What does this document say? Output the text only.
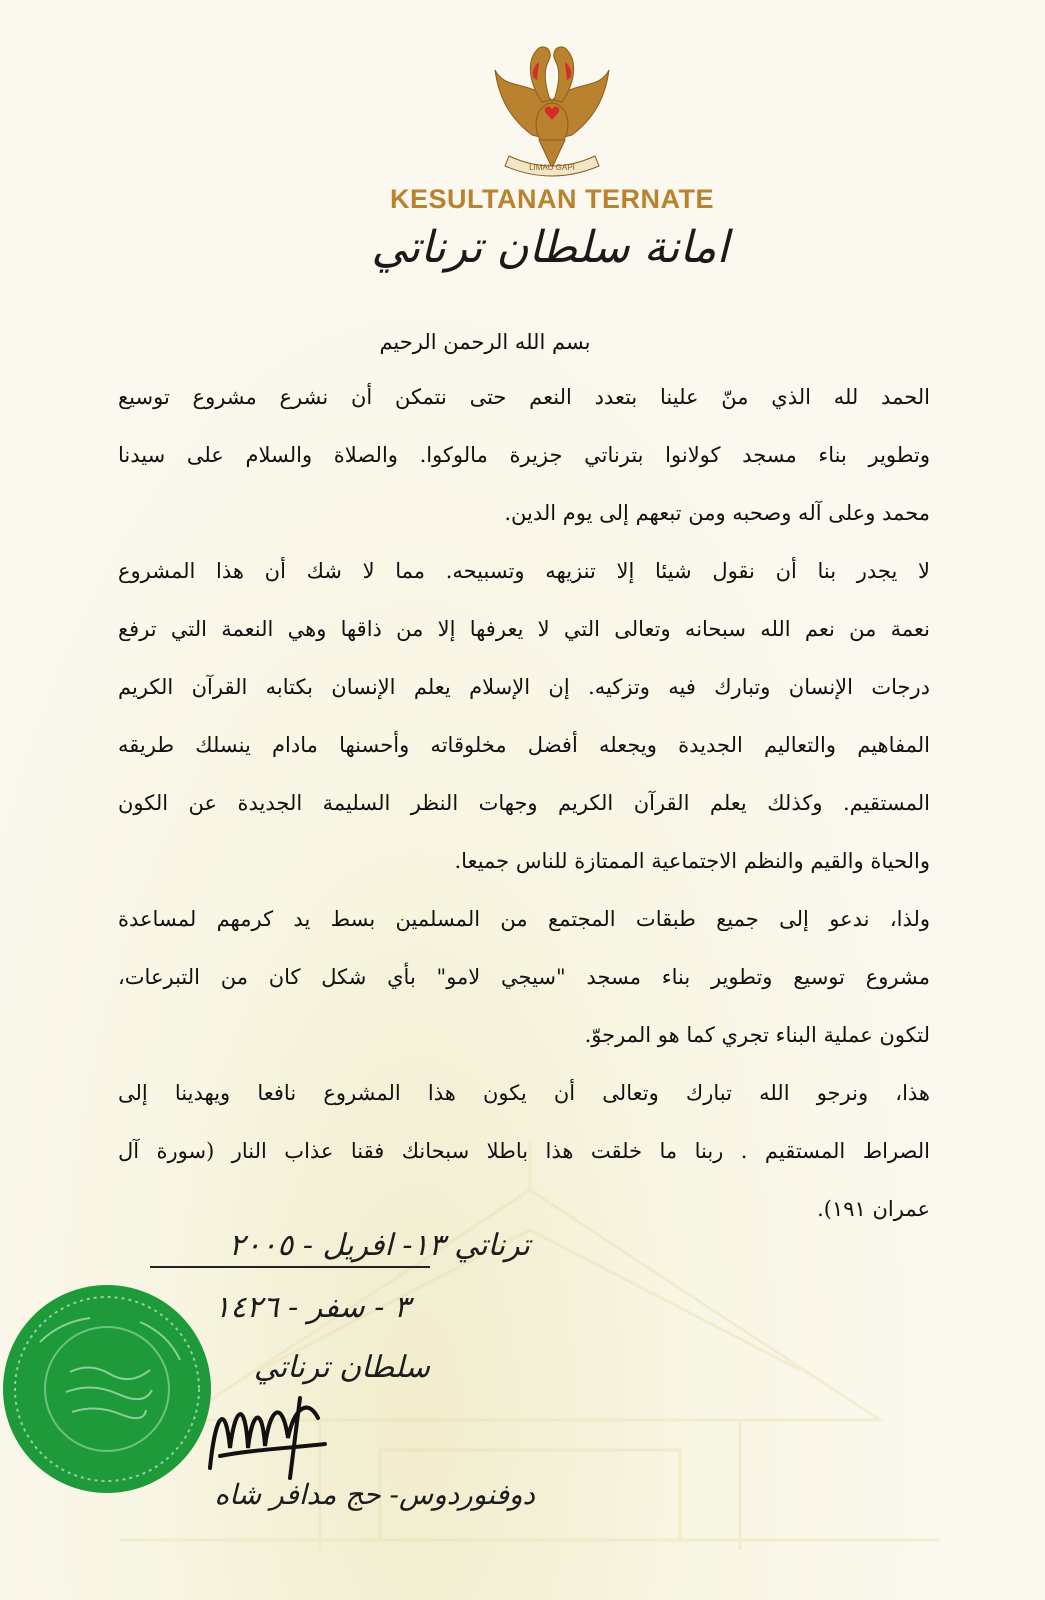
LIMAU GAPI
KESULTANAN TERNATE
امانة سلطان ترناتي
بسم الله الرحمن الرحيم
الحمد لله الذي منّ علينا بتعدد النعم حتى نتمكن أن نشرع مشروع توسيع
وتطوير بناء مسجد كولانوا بترناتي جزيرة مالوكوا. والصلاة والسلام على سيدنا
محمد وعلى آله وصحبه ومن تبعهم إلى يوم الدين.
لا يجدر بنا أن نقول شيئا إلا تنزيهه وتسبيحه. مما لا شك أن هذا المشروع
نعمة من نعم الله سبحانه وتعالى التي لا يعرفها إلا من ذاقها وهي النعمة التي ترفع
درجات الإنسان وتبارك فيه وتزكيه. إن الإسلام يعلم الإنسان بكتابه القرآن الكريم
المفاهيم والتعاليم الجديدة ويجعله أفضل مخلوقاته وأحسنها مادام ينسلك طريقه
المستقيم. وكذلك يعلم القرآن الكريم وجهات النظر السليمة الجديدة عن الكون
والحياة والقيم والنظم الاجتماعية الممتازة للناس جميعا.
ولذا، ندعو إلى جميع طبقات المجتمع من المسلمين بسط يد كرمهم لمساعدة
مشروع توسيع وتطوير بناء مسجد "سيجي لامو" بأي شكل كان من التبرعات،
لتكون عملية البناء تجري كما هو المرجوّ.
هذا، ونرجو الله تبارك وتعالى أن يكون هذا المشروع نافعا ويهدينا إلى
الصراط المستقيم . ربنا ما خلقت هذا باطلا سبحانك فقنا عذاب النار (سورة آل
عمران ١٩١).
ترناتي ١٣- افريل - ٢٠٠٥
٣ - سفر - ١٤٢٦
سلطان ترناتي
دوفنوردوس- حج مدافر شاه
